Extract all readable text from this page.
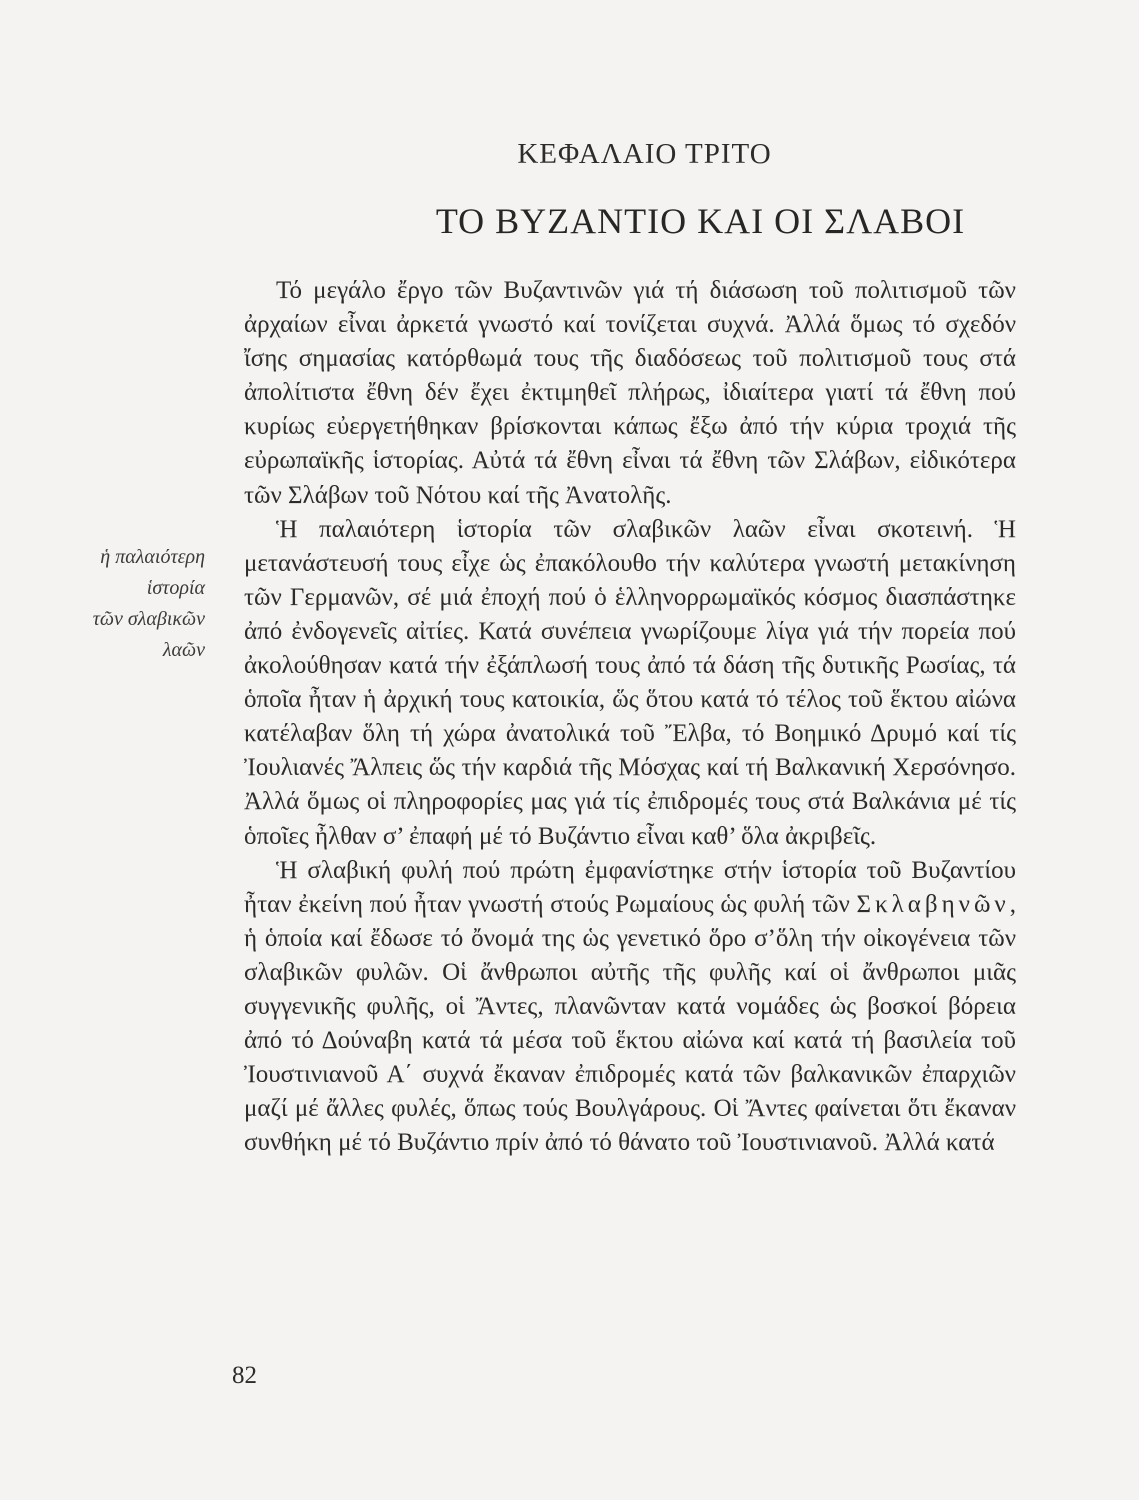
ΚΕΦΑΛΑΙΟ ΤΡΙΤΟ
ΤΟ ΒΥΖΑΝΤΙΟ ΚΑΙ ΟΙ ΣΛΑΒΟΙ
ἡ παλαιότερη
ἱστορία
τῶν σλαβικῶν
λαῶν

Τό μεγάλο ἔργο τῶν Βυζαντινῶν γιά τή διάσωση τοῦ πολιτισμοῦ τῶν ἀρχαίων εἶναι ἀρκετά γνωστό καί τονίζεται συχνά. Ἀλλά ὅμως τό σχεδόν ἴσης σημασίας κατόρθωμά τους τῆς διαδόσεως τοῦ πολιτισμοῦ τους στά ἀπολίτιστα ἔθνη δέν ἔχει ἐκτιμηθεῖ πλήρως, ἰδιαίτερα γιατί τά ἔθνη πού κυρίως εὐεργετήθηκαν βρίσκονται κάπως ἔξω ἀπό τήν κύρια τροχιά τῆς εὐρωπαϊκῆς ἱστορίας. Αὐτά τά ἔθνη εἶναι τά ἔθνη τῶν Σλάβων, εἰδικότερα τῶν Σλάβων τοῦ Νότου καί τῆς Ἀνατολῆς.

Ἡ παλαιότερη ἱστορία τῶν σλαβικῶν λαῶν εἶναι σκοτεινή. Ἡ μετανάστευσή τους εἶχε ὡς ἐπακόλουθο τήν καλύτερα γνωστή μετακίνηση τῶν Γερμανῶν, σέ μιά ἐποχή πού ὁ ἑλληνορρωμαϊκός κόσμος διασπάστηκε ἀπό ἐνδογενεῖς αἰτίες. Κατά συνέπεια γνωρίζουμε λίγα γιά τήν πορεία πού ἀκολούθησαν κατά τήν ἐξάπλωσή τους ἀπό τά δάση τῆς δυτικῆς Ρωσίας, τά ὁποῖα ἦταν ἡ ἀρχική τους κατοικία, ὥς ὅτου κατά τό τέλος τοῦ ἕκτου αἰώνα κατέλαβαν ὅλη τή χώρα ἀνατολικά τοῦ Ἔλβα, τό Βοημικό Δρυμό καί τίς Ἰουλιανές Ἄλπεις ὥς τήν καρδιά τῆς Μόσχας καί τή Βαλκανική Χερσόνησο. Ἀλλά ὅμως οἱ πληροφορίες μας γιά τίς ἐπιδρομές τους στά Βαλκάνια μέ τίς ὁποῖες ἦλθαν σ’ ἐπαφή μέ τό Βυζάντιο εἶναι καθ’ ὅλα ἀκριβεῖς.

Ἡ σλαβική φυλή πού πρώτη ἐμφανίστηκε στήν ἱστορία τοῦ Βυζαντίου ἦταν ἐκείνη πού ἦταν γνωστή στούς Ρωμαίους ὡς φυλή τῶν Σκλαβηνῶν, ἡ ὁποία καί ἔδωσε τό ὄνομά της ὡς γενετικό ὅρο σ’ὅλη τήν οἰκογένεια τῶν σλαβικῶν φυλῶν. Οἱ ἄνθρωποι αὐτῆς τῆς φυλῆς καί οἱ ἄνθρωποι μιᾶς συγγενικῆς φυλῆς, οἱ Ἄντες, πλανῶνταν κατά νομάδες ὡς βοσκοί βόρεια ἀπό τό Δούναβη κατά τά μέσα τοῦ ἕκτου αἰώνα καί κατά τή βασιλεία τοῦ Ἰουστινιανοῦ Α΄ συχνά ἔκαναν ἐπιδρομές κατά τῶν βαλκανικῶν ἐπαρχιῶν μαζί μέ ἄλλες φυλές, ὅπως τούς Βουλγάρους. Οἱ Ἄντες φαίνεται ὅτι ἔκαναν συνθήκη μέ τό Βυζάντιο πρίν ἀπό τό θάνατο τοῦ Ἰουστινιανοῦ. Ἀλλά κατά

82
